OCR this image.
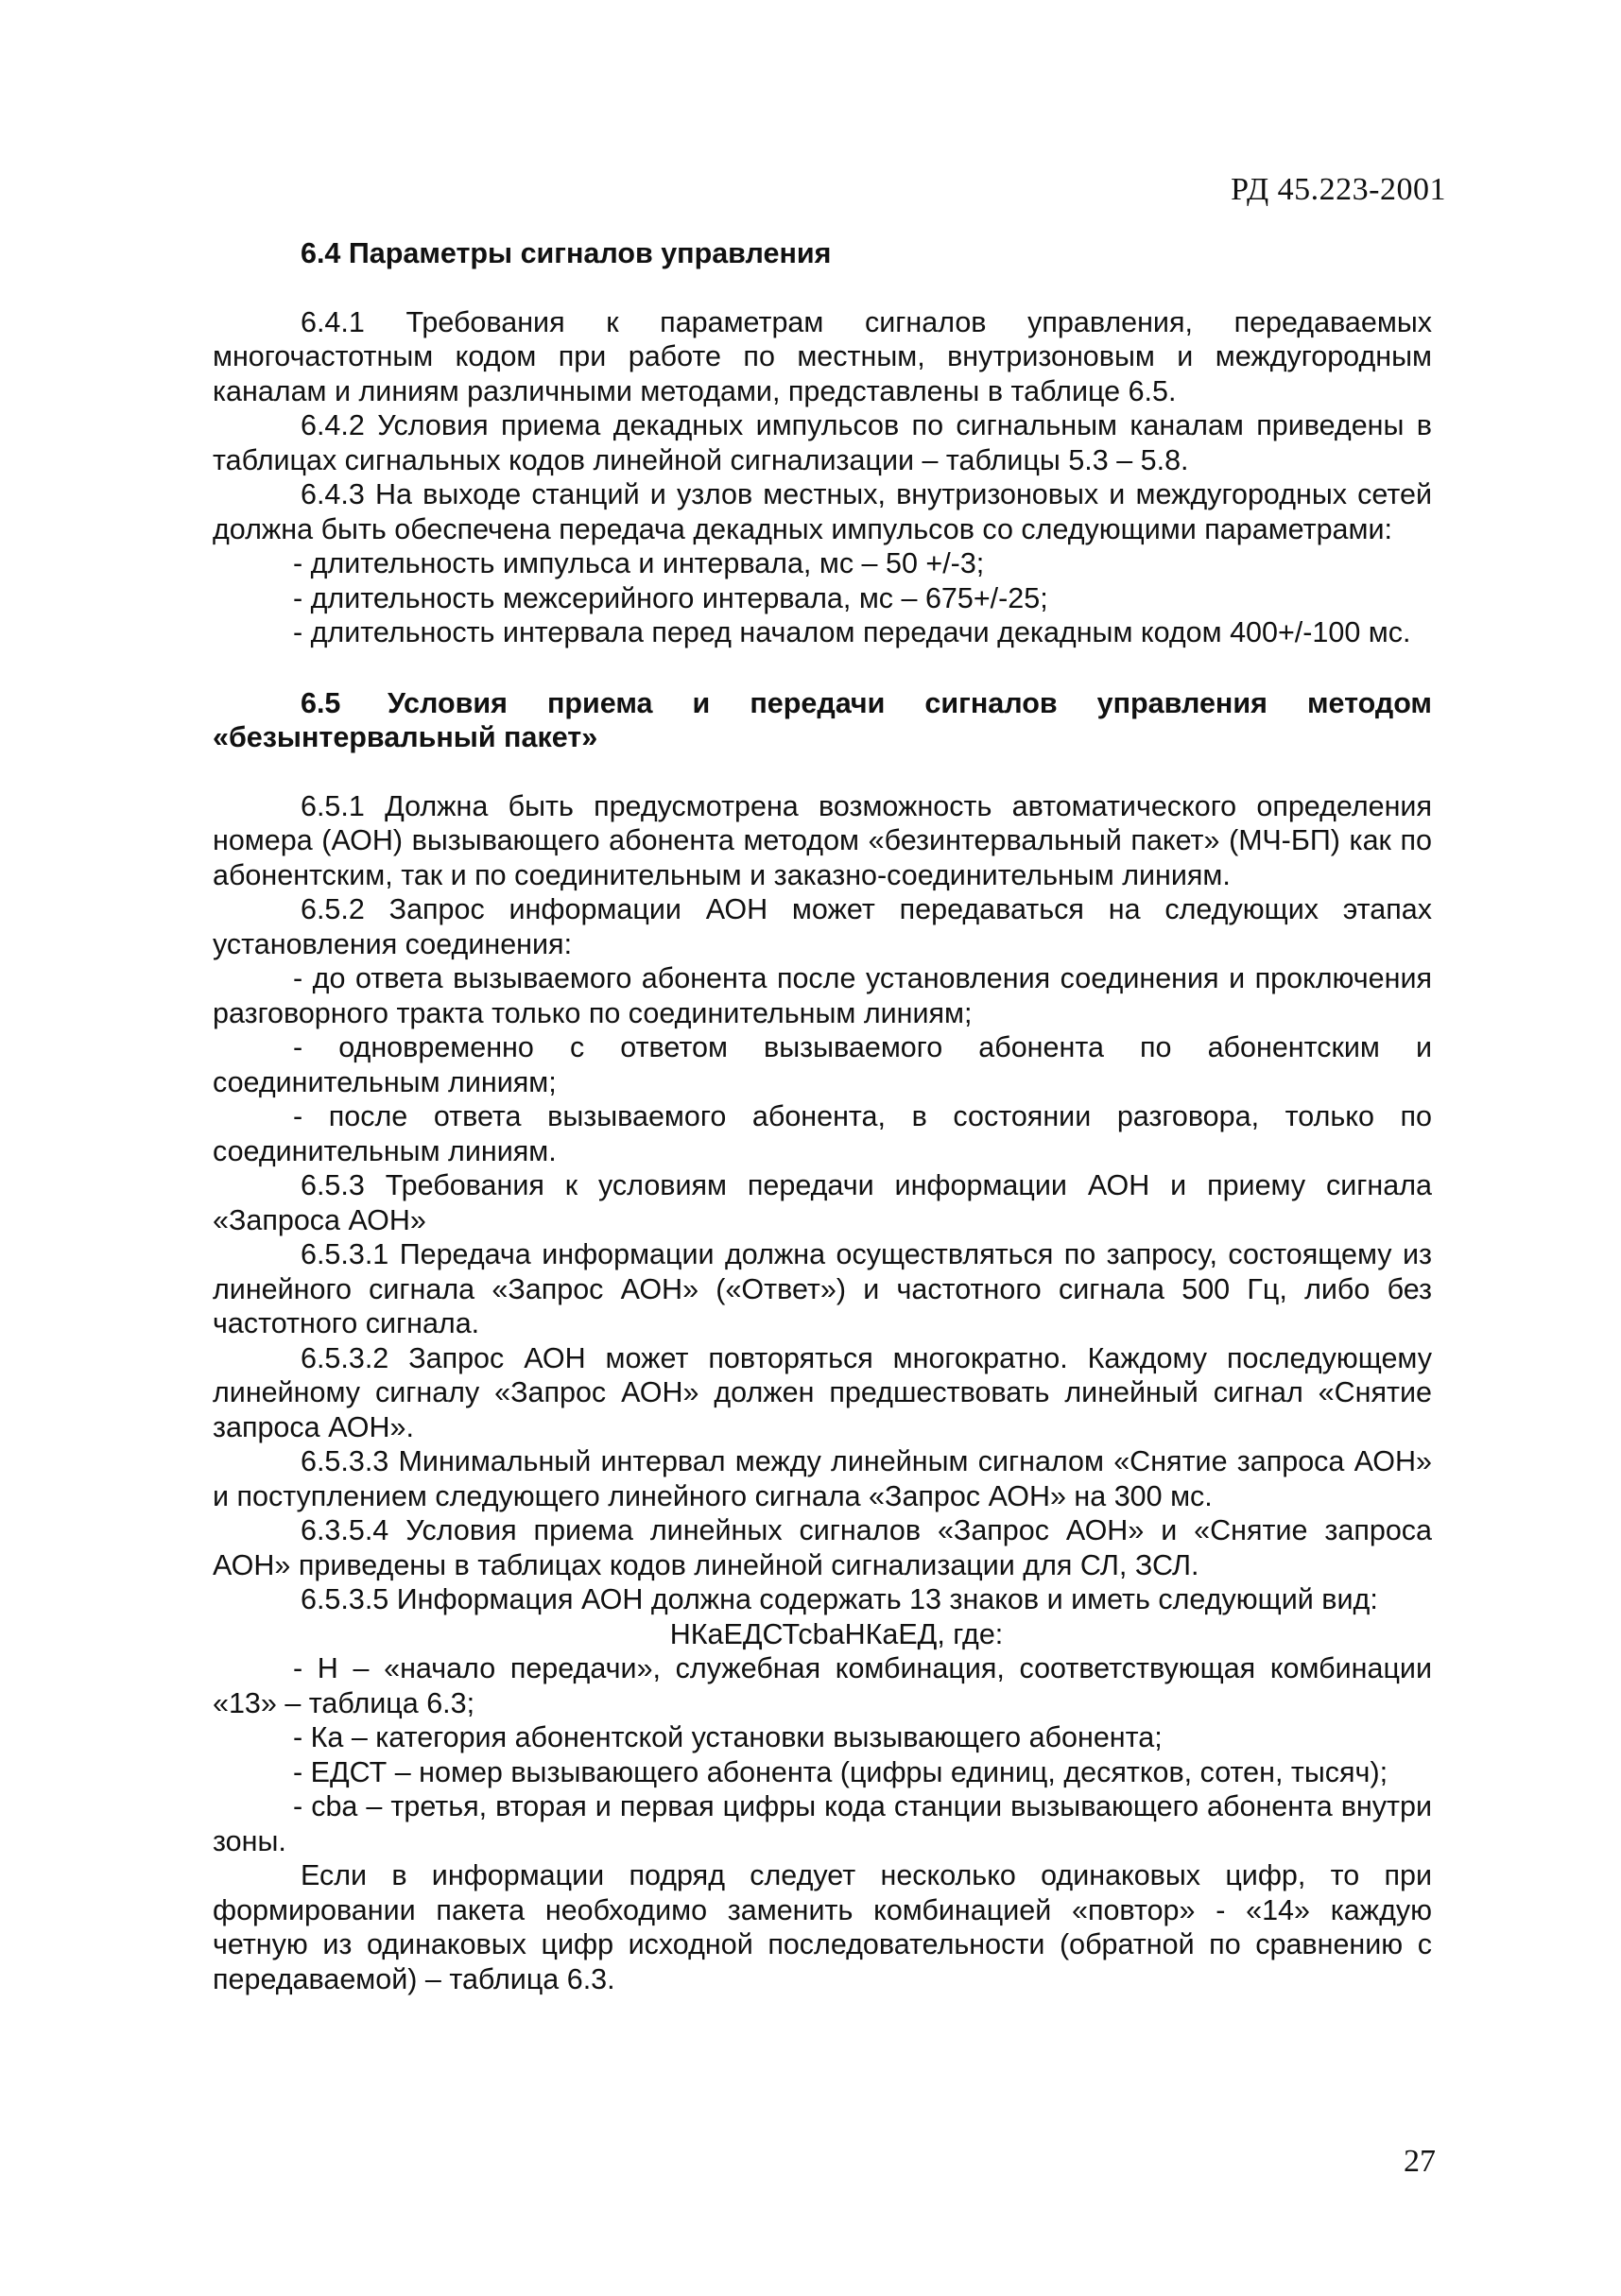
РД 45.223-2001

6.4 Параметры сигналов управления

6.4.1 Требования к параметрам сигналов управления, передаваемых многочастотным кодом при работе по местным, внутризоновым и междугородным каналам и линиям различными методами, представлены в таблице 6.5.

6.4.2 Условия приема декадных импульсов по сигнальным каналам приведены в таблицах сигнальных кодов линейной сигнализации – таблицы 5.3 – 5.8.

6.4.3 На выходе станций и узлов местных, внутризоновых и междугородных сетей должна быть обеспечена передача декадных импульсов со следующими параметрами:

- длительность импульса и интервала, мс – 50 +/-3;

- длительность межсерийного интервала, мс – 675+/-25;

- длительность интервала перед началом передачи декадным кодом 400+/-100 мс.

6.5 Условия приема и передачи сигналов управления методом «безынтервальный пакет»

6.5.1 Должна быть предусмотрена возможность автоматического определения номера (АОН) вызывающего абонента методом «безинтервальный пакет» (МЧ-БП) как по абонентским, так и по соединительным и заказно-соединительным линиям.

6.5.2 Запрос информации АОН может передаваться на следующих этапах установления соединения:

- до ответа вызываемого абонента после установления соединения и проключения разговорного тракта только по соединительным линиям;

- одновременно с ответом вызываемого абонента по абонентским и соединительным линиям;

- после ответа вызываемого абонента, в состоянии разговора, только по соединительным линиям.

6.5.3 Требования к условиям передачи информации АОН и приему сигнала «Запроса АОН»

6.5.3.1 Передача информации должна осуществляться по запросу, состоящему из линейного сигнала «Запрос АОН» («Ответ») и частотного сигнала 500 Гц, либо без частотного сигнала.

6.5.3.2 Запрос АОН может повторяться многократно. Каждому последующему линейному сигналу «Запрос АОН» должен предшествовать линейный сигнал «Снятие запроса АОН».

6.5.3.3 Минимальный интервал между линейным сигналом «Снятие запроса АОН» и поступлением следующего линейного сигнала «Запрос АОН» на 300 мс.

6.3.5.4 Условия приема линейных сигналов «Запрос АОН» и «Снятие запроса АОН» приведены в таблицах кодов линейной сигнализации для СЛ, ЗСЛ.

6.5.3.5 Информация АОН должна содержать 13 знаков и иметь следующий вид:

НКаЕДСТсbаНКаЕД, где:

- Н – «начало передачи», служебная комбинация, соответствующая комбинации «13» – таблица 6.3;

- Ка – категория абонентской установки вызывающего абонента;

- ЕДСТ – номер вызывающего абонента (цифры единиц, десятков, сотен, тысяч);

- cba – третья, вторая и первая цифры кода станции вызывающего абонента внутри зоны.

Если в информации подряд следует несколько одинаковых цифр, то при формировании пакета необходимо заменить комбинацией «повтор» - «14» каждую четную из одинаковых цифр исходной последовательности (обратной по сравнению с передаваемой) – таблица 6.3.

27
